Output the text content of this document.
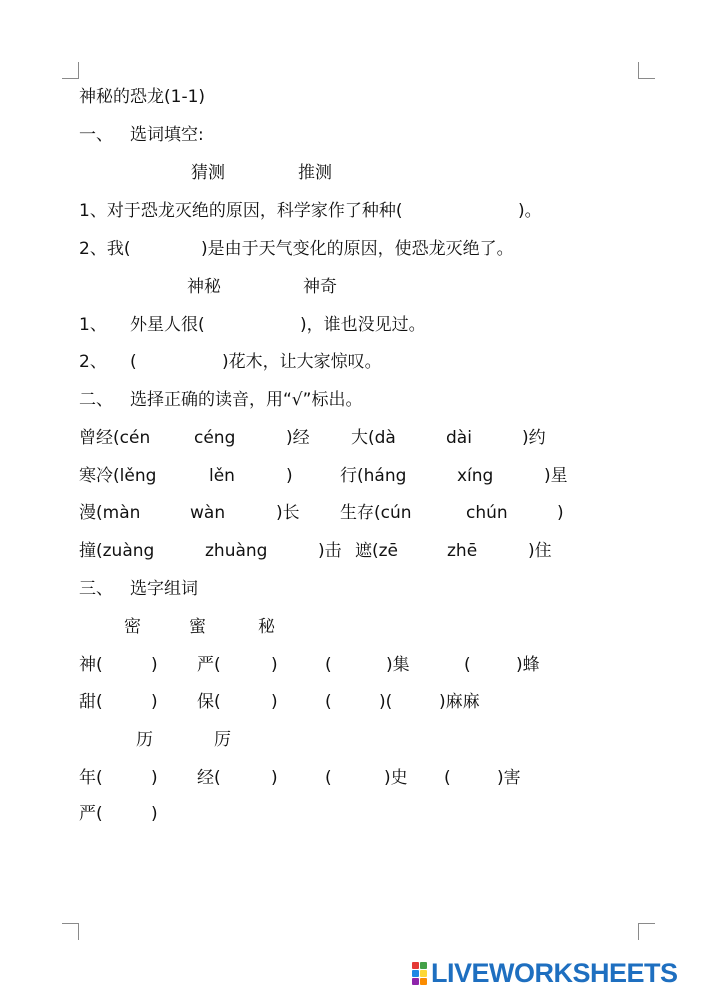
神秘的恐龙(1-1)
一、 选词填空:
猜测	推测
1、对于恐龙灭绝的原因，科学家作了种种(	)。
2、我(	)是由于天气变化的原因，使恐龙灭绝了。
神秘	神奇
1、 外星人很(	)，谁也没见过。
2、 (	)花木，让大家惊叹。
二、 选择正确的读音，用“√”标出。
曾经(cén	céng	)经 大(dà	dài	)约
寒冷(lěng	lěn	)	行(háng	xíng	)星
漫(màn	wàn	)长 生存(cún	chún	)
撞(zuàng	zhuàng	)击 遮(zē	zhē	)住
三、 选字组词
密	蜜	秘
神(	) 严(	)	(	)集	(	)蜂
甜(	) 保(	)	(	)(	)麻麻
历	厉
年(	) 经(	)	(	)史 (	)害
严(	)
LIVEWORKSHEETS
